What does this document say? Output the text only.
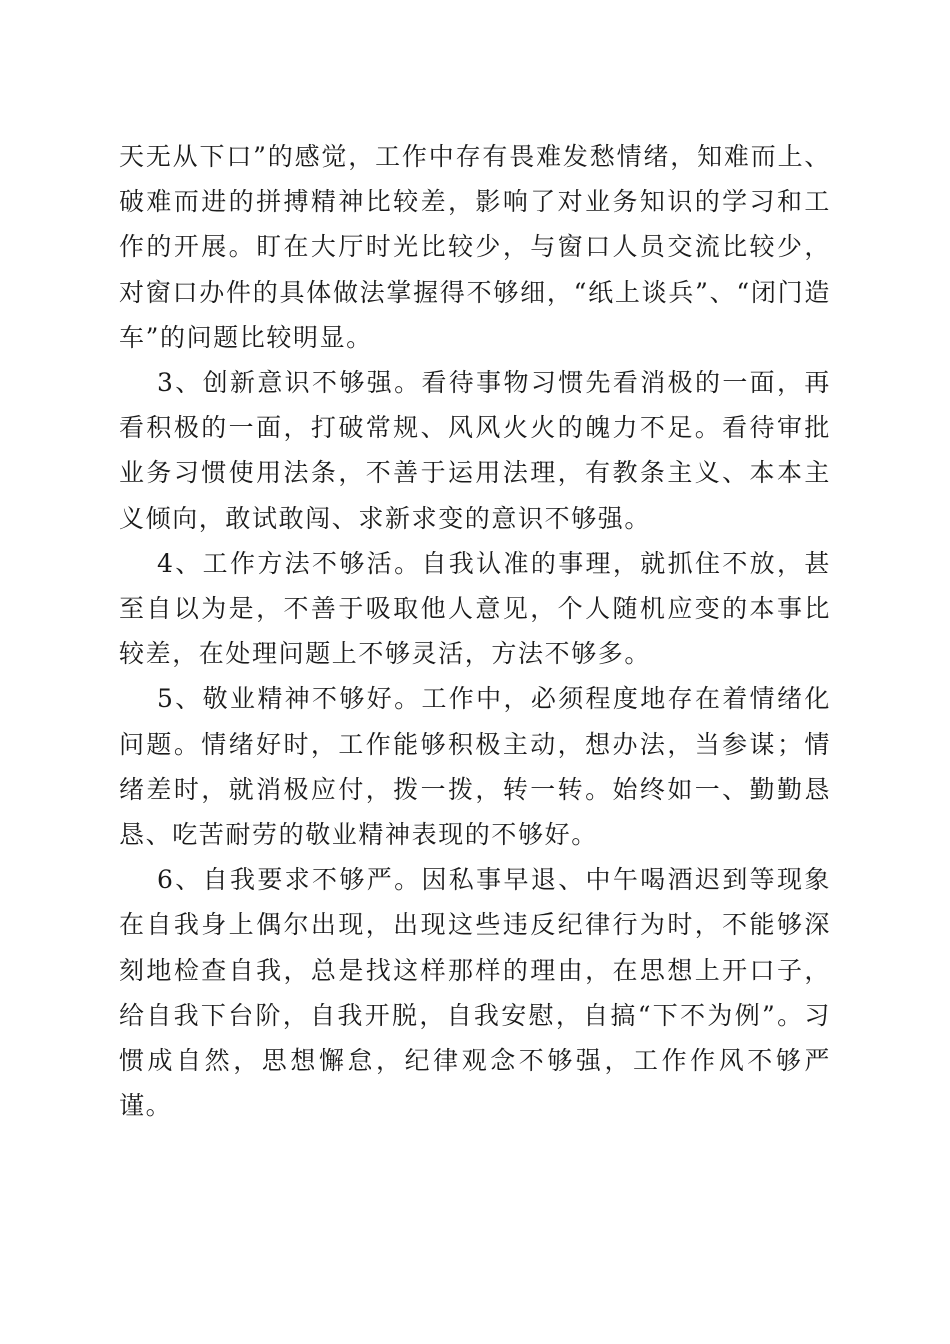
天无从下口”的感觉，工作中存有畏难发愁情绪，知难而上、破难而进的拼搏精神比较差，影响了对业务知识的学习和工作的开展。盯在大厅时光比较少，与窗口人员交流比较少，对窗口办件的具体做法掌握得不够细，“纸上谈兵”、“闭门造车”的问题比较明显。

3、创新意识不够强。看待事物习惯先看消极的一面，再看积极的一面，打破常规、风风火火的魄力不足。看待审批业务习惯使用法条，不善于运用法理，有教条主义、本本主义倾向，敢试敢闯、求新求变的意识不够强。

4、工作方法不够活。自我认准的事理，就抓住不放，甚至自以为是，不善于吸取他人意见，个人随机应变的本事比较差，在处理问题上不够灵活，方法不够多。

5、敬业精神不够好。工作中，必须程度地存在着情绪化问题。情绪好时，工作能够积极主动，想办法，当参谋；情绪差时，就消极应付，拨一拨，转一转。始终如一、勤勤恳恳、吃苦耐劳的敬业精神表现的不够好。

6、自我要求不够严。因私事早退、中午喝酒迟到等现象在自我身上偶尔出现，出现这些违反纪律行为时，不能够深刻地检查自我，总是找这样那样的理由，在思想上开口子，给自我下台阶，自我开脱，自我安慰，自搞“下不为例”。习惯成自然，思想懈怠，纪律观念不够强，工作作风不够严谨。
